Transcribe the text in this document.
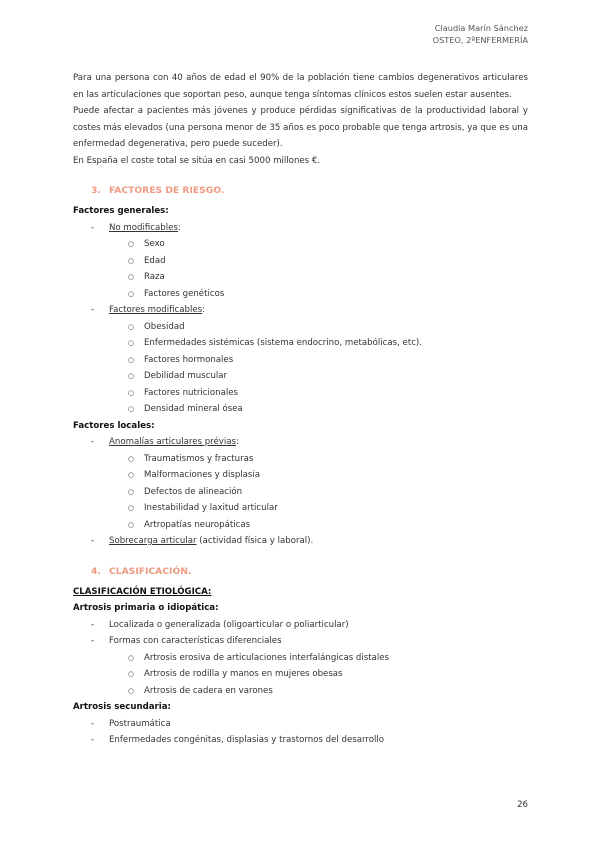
Claudia Marín Sánchez
OSTEO, 2ºENFERMERÍA

Para una persona con 40 años de edad el 90% de la población tiene cambios degenerativos articulares en las articulaciones que soportan peso, aunque tenga síntomas clínicos estos suelen estar ausentes.

Puede afectar a pacientes más jóvenes y produce pérdidas significativas de la productividad laboral y costes más elevados (una persona menor de 35 años es poco probable que tenga artrosis, ya que es una enfermedad degenerativa, pero puede suceder).

En España el coste total se sitúa en casi 5000 millones €.

3. FACTORES DE RIESGO.

Factores generales:

- No modificables:

○ Sexo

○ Edad

○ Raza

○ Factores genéticos

- Factores modificables:

○ Obesidad

○ Enfermedades sistémicas (sistema endocrino, metabólicas, etc).

○ Factores hormonales

○ Debilidad muscular

○ Factores nutricionales

○ Densidad mineral ósea

Factores locales:

- Anomalías articulares prévias:

○ Traumatismos y fracturas

○ Malformaciones y displasia

○ Defectos de alineación

○ Inestabilidad y laxitud articular

○ Artropatías neuropáticas

- Sobrecarga articular (actividad física y laboral).

4. CLASIFICACIÓN.

CLASIFICACIÓN ETIOLÓGICA:

Artrosis primaria o idiopática:

- Localizada o generalizada (oligoarticular o poliarticular)

- Formas con características diferenciales

○ Artrosis erosiva de articulaciones interfalángicas distales

○ Artrosis de rodilla y manos en mujeres obesas

○ Artrosis de cadera en varones

Artrosis secundaria:

- Postraumática

- Enfermedades congénitas, displasias y trastornos del desarrollo

26
